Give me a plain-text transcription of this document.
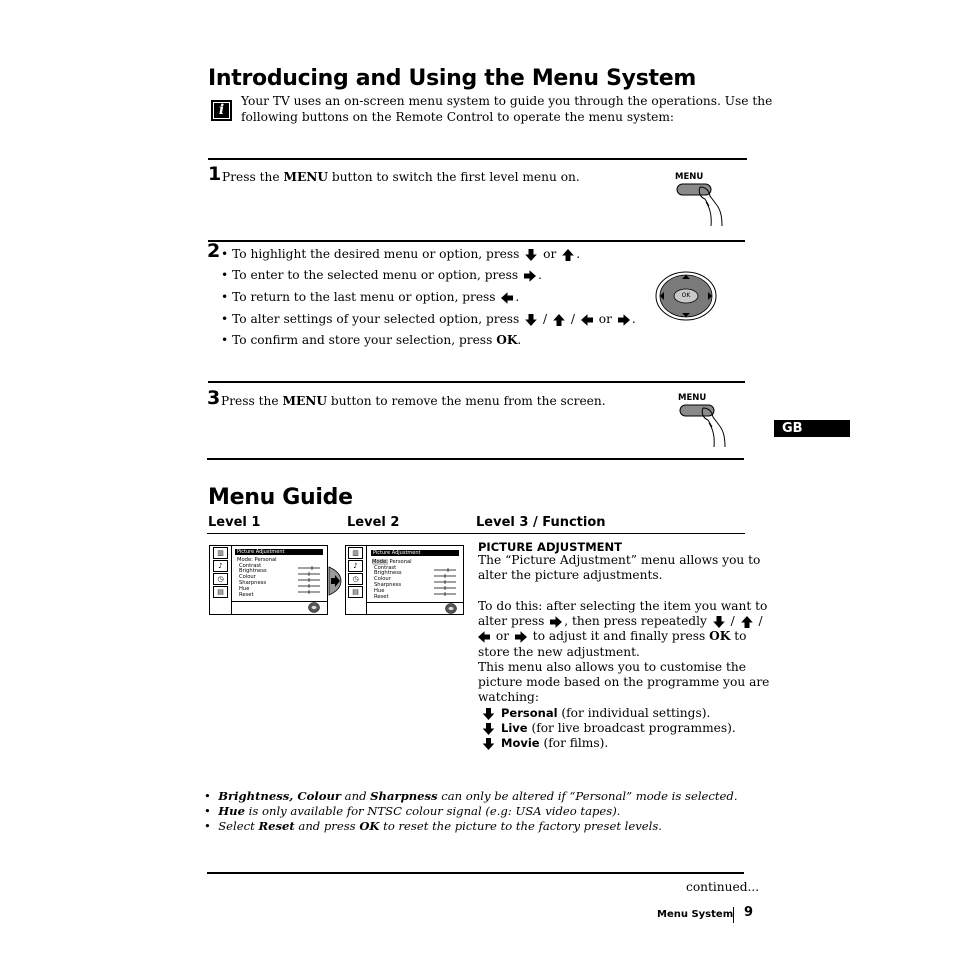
Introducing and Using the Menu System
i
Your TV uses an on-screen menu system to guide you through the operations. Use the
following buttons on the Remote Control to operate the menu system:
1 Press the MENU button to switch the first level menu on.	MENU
2 • To highlight the desired menu or option, press or .
• To enter to the selected menu or option, press .
• To return to the last menu or option, press .
• To alter settings of your selected option, press / / or .
• To confirm and store your selection, press OK.
OK
3 Press the MENU button to remove the menu from the screen.	MENU
GB
Menu Guide
Level 1	Level 2	Level 3 / Function
▥
♪
◷
▤
Picture Adjustment
Mode: Personal
Contrast
Brightness
Colour
Sharpness
Hue
Reset
▥
♪
◷
▤
Picture Adjustment
Mode: Personal
Contrast
Brightness
Colour
Sharpness
Hue
Reset
PICTURE ADJUSTMENT
The “Picture Adjustment” menu allows you to
alter the picture adjustments.
To do this: after selecting the item you want to
alter press , then press repeatedly  /  /
or to adjust it and finally press OK to
store the new adjustment.
This menu also allows you to customise the
picture mode based on the programme you are
watching:
Personal (for individual settings).
Live (for live broadcast programmes).
Movie (for films).
• Brightness, Colour and Sharpness can only be altered if “Personal” mode is selected.
• Hue is only available for NTSC colour signal (e.g: USA video tapes).
• Select Reset and press OK to reset the picture to the factory preset levels.
continued...
Menu System 9
